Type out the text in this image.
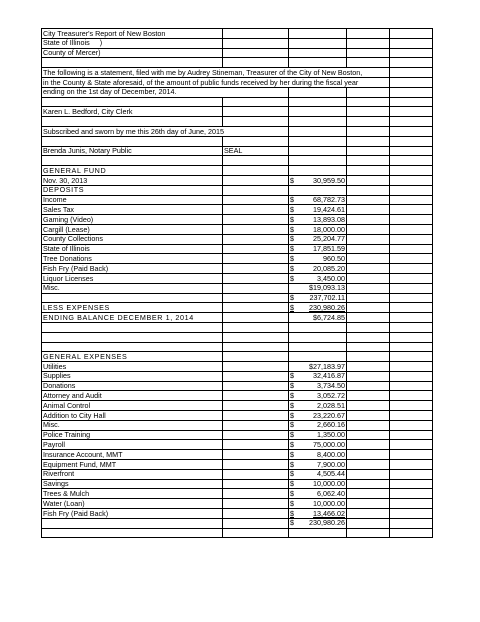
City Treasurer's Report of New Boston				
State of Illinois     )				
County of Mercer)				

The following is a statement, filed with me by Audrey Stineman, Treasurer of the City of New Boston,				
in the County & State aforesaid, of the amount of public funds received by her during the fiscal year				
ending on the 1st day of December, 2014.				

Karen L. Bedford, City Clerk				

Subscribed and sworn by me this 26th day of June, 2015				

Brenda Junis, Notary Public	SEAL			

GENERAL FUND				
Nov. 30, 2013		$ 30,959.50		

DEPOSITS				
Income		$ 68,782.73		

Sales Tax		$ 19,424.61		

Gaming (Video)		$ 13,893.08		

Cargill (Lease)		$ 18,000.00		

County Collections		$ 25,204.77		

State of Illinois		$ 17,851.59		

Tree Donations		$ 960.50		

Fish Fry (Paid Back)		$ 20,085.20		

Liquor Licenses		$ 3,450.00		

Misc.		$19,093.13		

		$ 237,702.11		

LESS EXPENSES		$ 230,980.26		

ENDING BALANCE DECEMBER 1, 2014		$6,724.85		

GENERAL EXPENSES				
Utilities		$27,183.97		

Supplies		$ 32,416.87		

Donations		$ 3,734.50		

Attorney and Audit		$ 3,052.72		

Animal Control		$ 2,028.51		

Addition to City Hall		$ 23,220.67		

Misc.		$ 2,660.16		

Police Training		$ 1,350.00		

Payroll		$ 75,000.00		

Insurance Account, MMT		$ 8,400.00		

Equipment Fund, MMT		$ 7,900.00		

Riverfront		$ 4,505.44		

Savings		$ 10,000.00		

Trees & Mulch		$ 6,062.40		

Water (Loan)		$ 10,000.00		

Fish Fry (Paid Back)		$ 13,466.02		

		$ 230,980.26		
